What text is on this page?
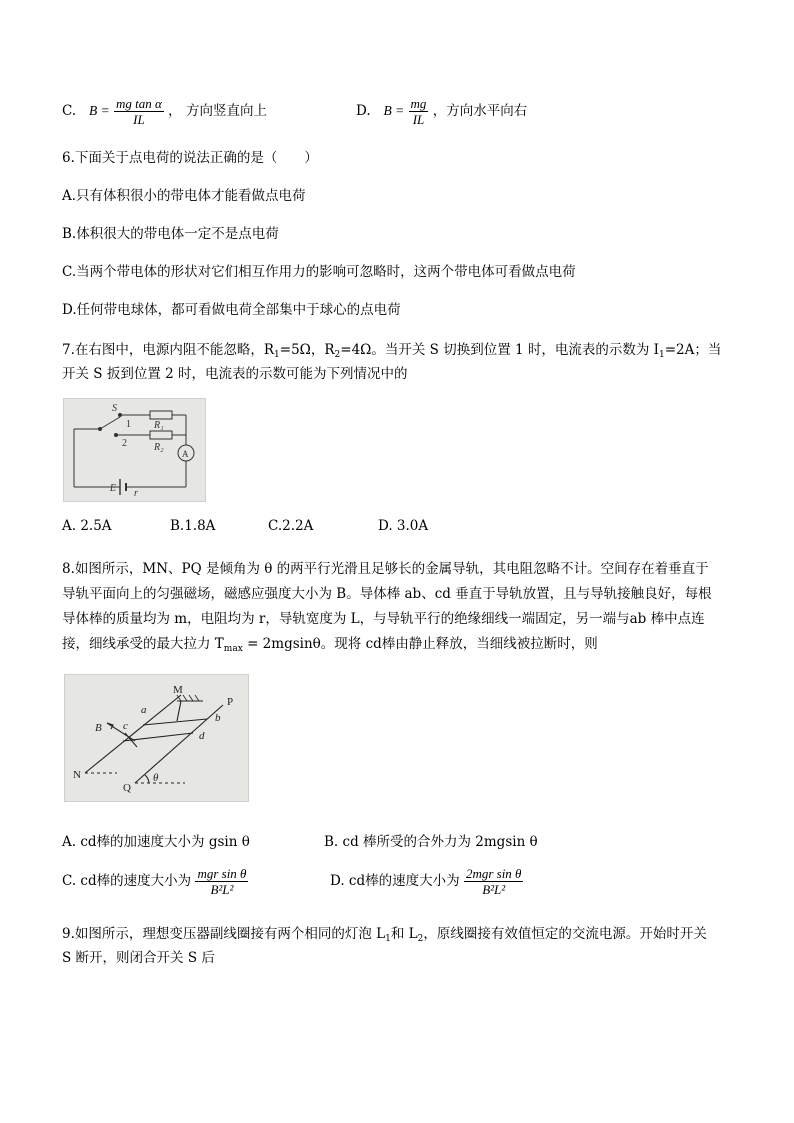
C. $B = \frac{\text{mg tan α}}{IL}$ ， 方向竖直向上	D. $B = \frac{mg}{IL}$ ，方向水平向右
6.下面关于点电荷的说法正确的是（　　）
A.只有体积很小的带电体才能看做点电荷
B.体积很大的带电体一定不是点电荷
C.当两个带电体的形状对它们相互作用力的影响可忽略时，这两个带电体可看做点电荷
D.任何带电球体，都可看做电荷全部集中于球心的点电荷
7.在右图中，电源内阻不能忽略，$R_1=5\Omega$，$R_2=4\Omega$。当开关 S 切换到位置 1 时，电流表的示数为 $I_1=2A$；当
开关 S 扳到位置 2 时，电流表的示数可能为下列情况中的
S
1
2
R₁
R₂
A
E r
A. 2.5A	B.1.8A	C.2.2A	D. 3.0A
8.如图所示，MN、PQ 是倾角为 θ 的两平行光滑且足够长的金属导轨，其电阻忽略不计。空间存在着垂直于
导轨平面向上的匀强磁场，磁感应强度大小为 B。导体棒 ab、cd 垂直于导轨放置，且与导轨接触良好，每根
导体棒的质量均为 m，电阻均为 r，导轨宽度为 L，与导轨平行的绝缘细线一端固定，另一端与ab 棒中点连
接，细线承受的最大拉力 $T_{max} = 2mgsin\theta$。现将 cd棒由静止释放，当细线被拉断时，则
M
P
a
b
c
d
B
N
Q
θ
A. cd棒的加速度大小为 gsin θ	B. cd 棒所受的合外力为 2mgsin θ
C. cd棒的速度大小为 $\frac{\text{mgr sin θ}}{\text{B²L²}}$	D. cd棒的速度大小为 $\frac{\text{2mgr sin θ}}{\text{B²L²}}$
9.如图所示，理想变压器副线圈接有两个相同的灯泡 $L_1$和 $L_2$，原线圈接有效值恒定的交流电源。开始时开关
S 断开，则闭合开关 S 后
